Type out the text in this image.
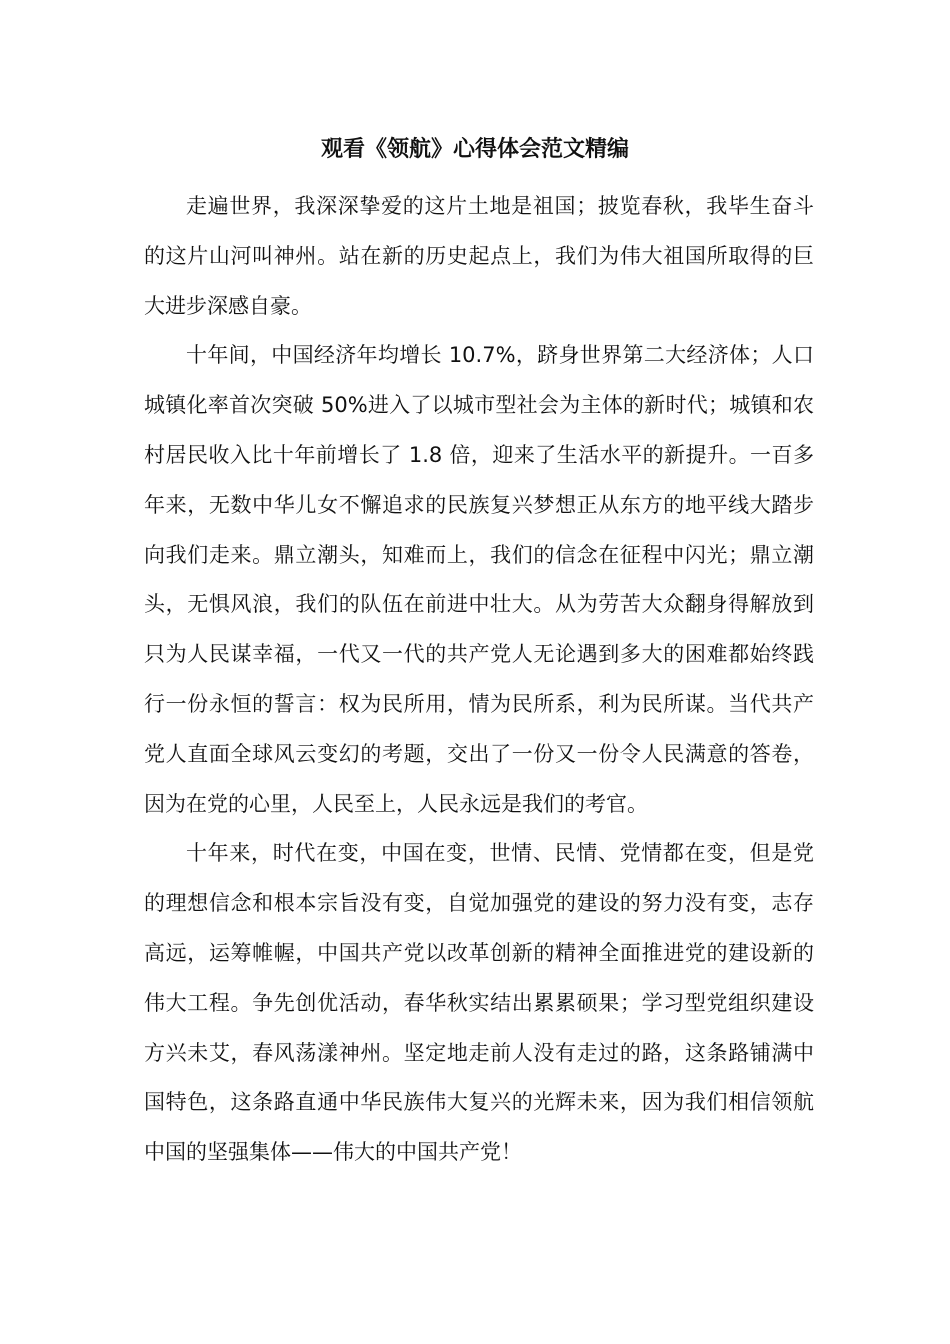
观看《领航》心得体会范文精编

走遍世界，我深深挚爱的这片土地是祖国；披览春秋，我毕生奋斗的这片山河叫神州。站在新的历史起点上，我们为伟大祖国所取得的巨大进步深感自豪。

十年间，中国经济年均增长 10.7%，跻身世界第二大经济体；人口城镇化率首次突破 50%进入了以城市型社会为主体的新时代；城镇和农村居民收入比十年前增长了 1.8 倍，迎来了生活水平的新提升。一百多年来，无数中华儿女不懈追求的民族复兴梦想正从东方的地平线大踏步向我们走来。鼎立潮头，知难而上，我们的信念在征程中闪光；鼎立潮头，无惧风浪，我们的队伍在前进中壮大。从为劳苦大众翻身得解放到只为人民谋幸福，一代又一代的共产党人无论遇到多大的困难都始终践行一份永恒的誓言：权为民所用，情为民所系，利为民所谋。当代共产党人直面全球风云变幻的考题，交出了一份又一份令人民满意的答卷，因为在党的心里，人民至上，人民永远是我们的考官。

十年来，时代在变，中国在变，世情、民情、党情都在变，但是党的理想信念和根本宗旨没有变，自觉加强党的建设的努力没有变，志存高远，运筹帷幄，中国共产党以改革创新的精神全面推进党的建设新的伟大工程。争先创优活动，春华秋实结出累累硕果；学习型党组织建设方兴未艾，春风荡漾神州。坚定地走前人没有走过的路，这条路铺满中国特色，这条路直通中华民族伟大复兴的光辉未来，因为我们相信领航中国的坚强集体——伟大的中国共产党！
